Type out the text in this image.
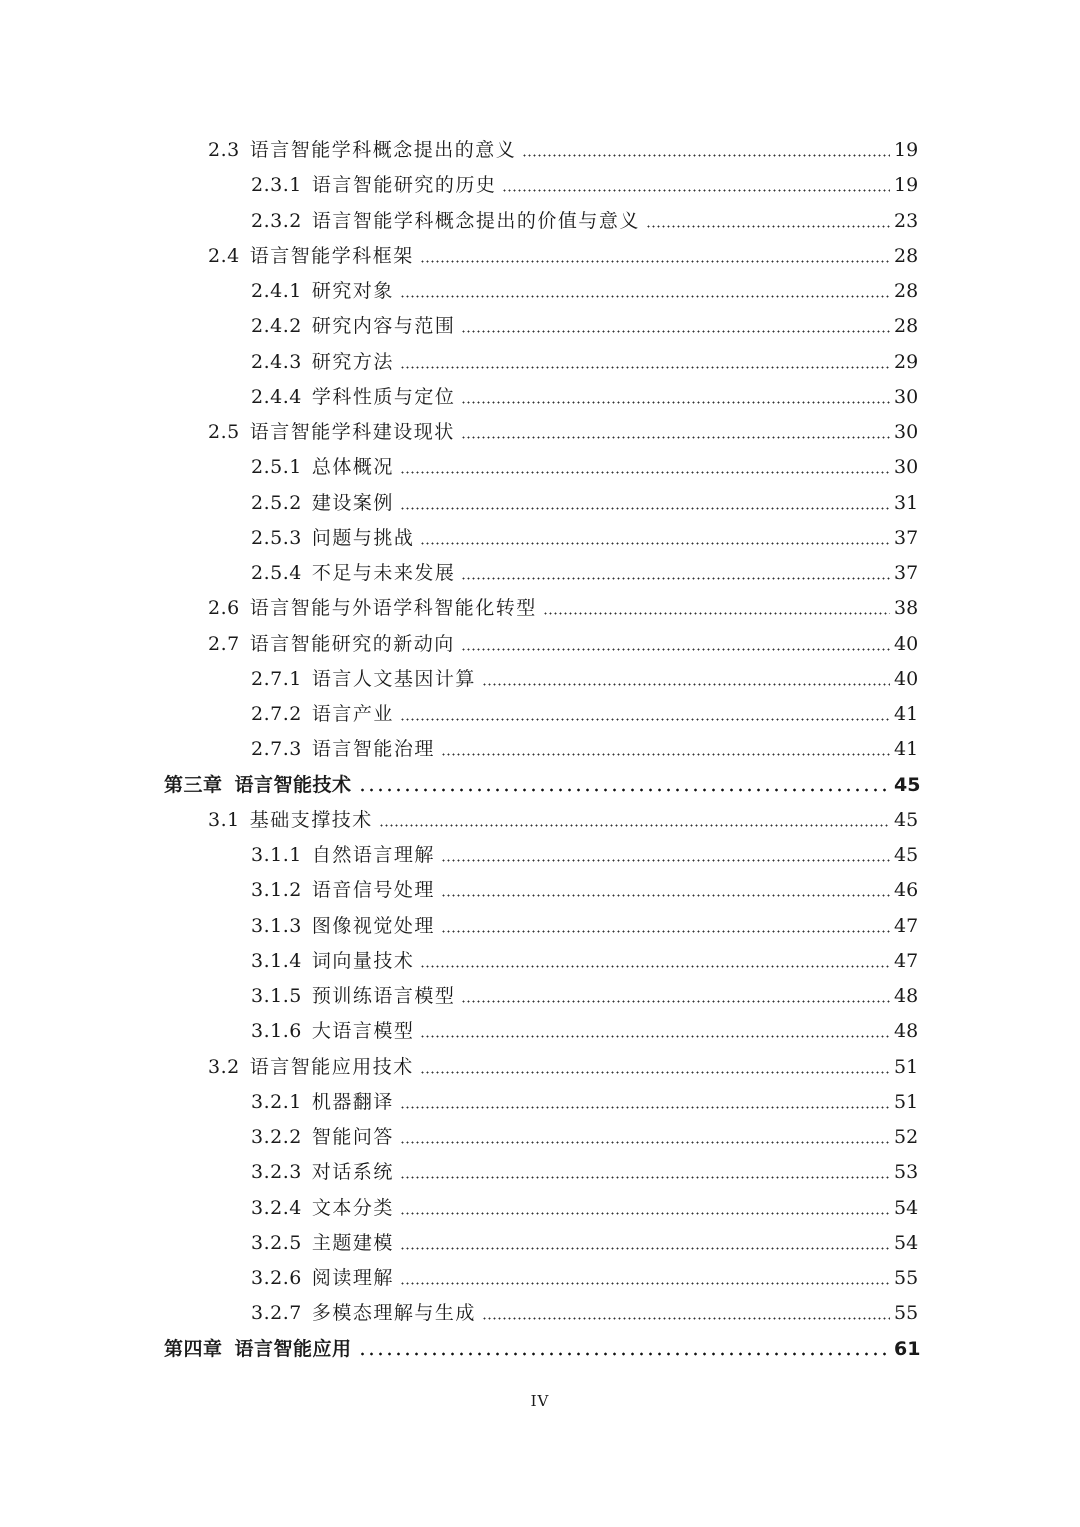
2.3 语言智能学科概念提出的意义	19
2.3.1 语言智能研究的历史	19
2.3.2 语言智能学科概念提出的价值与意义	23
2.4 语言智能学科框架	28
2.4.1 研究对象	28
2.4.2 研究内容与范围	28
2.4.3 研究方法	29
2.4.4 学科性质与定位	30
2.5 语言智能学科建设现状	30
2.5.1 总体概况	30
2.5.2 建设案例	31
2.5.3 问题与挑战	37
2.5.4 不足与未来发展	37
2.6 语言智能与外语学科智能化转型	38
2.7 语言智能研究的新动向	40
2.7.1 语言人文基因计算	40
2.7.2 语言产业	41
2.7.3 语言智能治理	41
第三章 语言智能技术	45
3.1 基础支撑技术	45
3.1.1 自然语言理解	45
3.1.2 语音信号处理	46
3.1.3 图像视觉处理	47
3.1.4 词向量技术	47
3.1.5 预训练语言模型	48
3.1.6 大语言模型	48
3.2 语言智能应用技术	51
3.2.1 机器翻译	51
3.2.2 智能问答	52
3.2.3 对话系统	53
3.2.4 文本分类	54
3.2.5 主题建模	54
3.2.6 阅读理解	55
3.2.7 多模态理解与生成	55
第四章 语言智能应用	61
IV
